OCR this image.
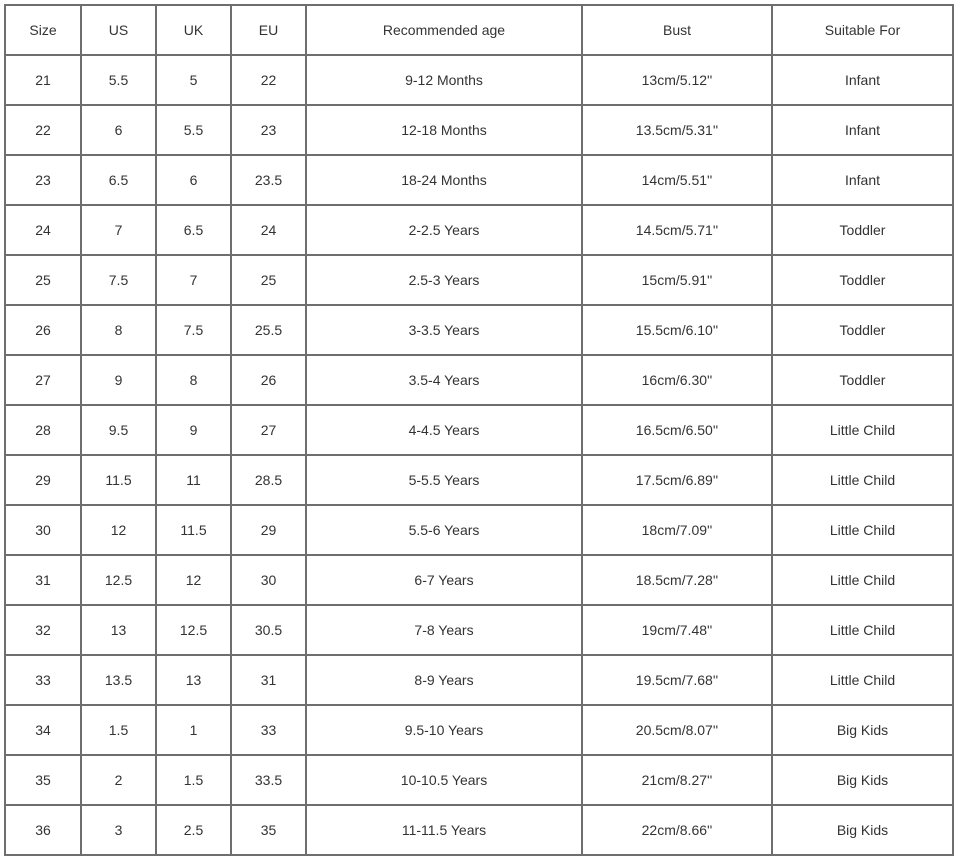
Size	US	UK	EU	Recommended age	Bust	Suitable For
21	5.5	5	22	9-12 Months	13cm/5.12''	Infant
22	6	5.5	23	12-18 Months	13.5cm/5.31''	Infant
23	6.5	6	23.5	18-24 Months	14cm/5.51''	Infant
24	7	6.5	24	2-2.5 Years	14.5cm/5.71''	Toddler
25	7.5	7	25	2.5-3 Years	15cm/5.91''	Toddler
26	8	7.5	25.5	3-3.5 Years	15.5cm/6.10''	Toddler
27	9	8	26	3.5-4 Years	16cm/6.30''	Toddler
28	9.5	9	27	4-4.5 Years	16.5cm/6.50''	Little Child
29	11.5	11	28.5	5-5.5 Years	17.5cm/6.89''	Little Child
30	12	11.5	29	5.5-6 Years	18cm/7.09''	Little Child
31	12.5	12	30	6-7 Years	18.5cm/7.28''	Little Child
32	13	12.5	30.5	7-8 Years	19cm/7.48''	Little Child
33	13.5	13	31	8-9 Years	19.5cm/7.68''	Little Child
34	1.5	1	33	9.5-10 Years	20.5cm/8.07''	Big Kids
35	2	1.5	33.5	10-10.5 Years	21cm/8.27''	Big Kids
36	3	2.5	35	11-11.5 Years	22cm/8.66''	Big Kids
